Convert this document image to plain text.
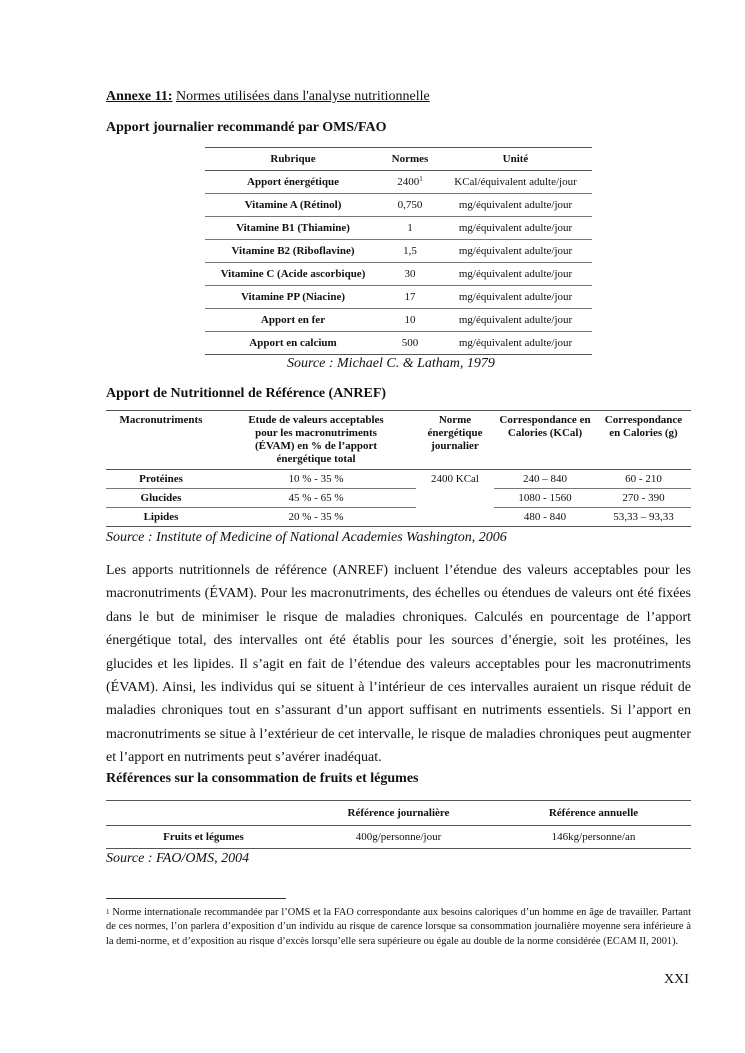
Annexe 11: Normes utilisées dans l'analyse nutritionnelle
Apport journalier recommandé par OMS/FAO
Rubrique	Normes	Unité
Apport énergétique	2400$^1$	KCal/équivalent adulte/jour
Vitamine A (Rétinol)	0,750	mg/équivalent adulte/jour
Vitamine B1 (Thiamine)	1	mg/équivalent adulte/jour
Vitamine B2 (Riboflavine)	1,5	mg/équivalent adulte/jour
Vitamine C (Acide ascorbique)	30	mg/équivalent adulte/jour
Vitamine PP (Niacine)	17	mg/équivalent adulte/jour
Apport en fer	10	mg/équivalent adulte/jour
Apport en calcium	500	mg/équivalent adulte/jour
Source : Michael C. & Latham, 1979
Apport de Nutritionnel de Référence (ANREF)
Macronutriments	Etude de valeurs acceptables pour les macronutriments (ÉVAM) en % de l’apport énergétique total	Norme énergétique journalier	Correspondance en Calories (KCal)	Correspondance en Calories (g)
Protéines	10 % - 35 %	2400 KCal	240 – 840	60 - 210
Glucides	45 % - 65 %		1080 - 1560	270 - 390
Lipides	20 % - 35 %		480 - 840	53,33 – 93,33
Source : Institute of Medicine of National Academies Washington, 2006

Les apports nutritionnels de référence (ANREF) incluent l’étendue des valeurs acceptables pour les macronutriments (ÉVAM). Pour les macronutriments, des échelles ou étendues de valeurs ont été fixées dans le but de minimiser le risque de maladies chroniques. Calculés en pourcentage de l’apport énergétique total, des intervalles ont été établis pour les sources d’énergie, soit les protéines, les glucides et les lipides. Il s’agit en fait de l’étendue des valeurs acceptables pour les macronutriments (ÉVAM). Ainsi, les individus qui se situent à l’intérieur de ces intervalles auraient un risque réduit de maladies chroniques tout en s’assurant d’un apport suffisant en nutriments essentiels. Si l’apport en macronutriments se situe à l’extérieur de cet intervalle, le risque de maladies chroniques peut augmenter et l’apport en nutriments peut s’avérer inadéquat.

Références sur la consommation de fruits et légumes
	Référence journalière	Référence annuelle
Fruits et légumes	400g/personne/jour	146kg/personne/an
Source : FAO/OMS, 2004

$^1$ Norme internationale recommandée par l’OMS et la FAO correspondante aux besoins caloriques d’un homme en âge de travailler. Partant de ces normes, l’on parlera d’exposition d’un individu au risque de carence lorsque sa consommation journalière moyenne sera inférieure à la demi-norme, et d’exposition au risque d’excès lorsqu’elle sera supérieure ou égale au double de la norme considérée (ECAM II, 2001).

XXI
